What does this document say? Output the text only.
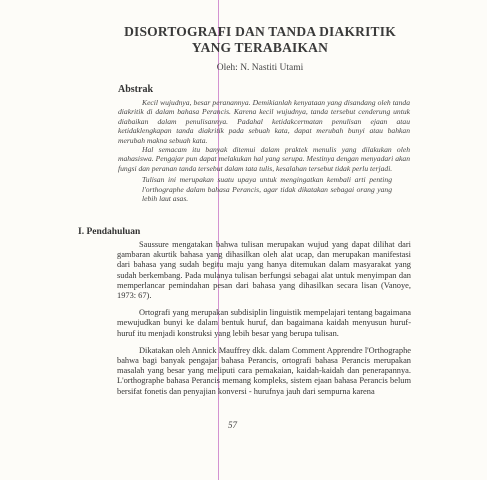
DISORTOGRAFI DAN TANDA DIAKRITIK
YANG TERABAIKAN
Oleh: N. Nastiti Utami
Abstrak

Kecil wujudnya, besar peranannya. Demikianlah kenyataan yang disandang oleh tanda diakritik di dalam bahasa Perancis. Karena kecil wujudnya, tanda tersebut cenderung untuk diabaikan dalam penulisannya. Padahal ketidakcermatan penulisan ejaan atau ketidaklengkapan tanda diakritik pada sebuah kata, dapat merubah bunyi atau bahkan merubah makna sebuah kata.

Hal semacam itu banyak ditemui dalam praktek menulis yang dilakukan oleh mahasiswa. Pengajar pun dapat melakukan hal yang serupa. Mestinya dengan menyadari akan fungsi dan peranan tanda tersebut dalam tata tulis, kesalahan tersebut tidak perlu terjadi.

Tulisan ini merupakan suatu upaya untuk mengingatkan kembali arti penting l'orthographe dalam bahasa Perancis, agar tidak dikatakan sebagai orang yang lebih laut asas.

I. Pendahuluan

Saussure mengatakan bahwa tulisan merupakan wujud yang dapat dilihat dari gambaran akurtik bahasa yang dihasilkan oleh alat ucap, dan merupakan manifestasi dari bahasa yang sudah begitu maju yang hanya ditemukan dalam masyarakat yang sudah berkembang. Pada mulanya tulisan berfungsi sebagai alat untuk menyimpan dan memperlancar pemindahan pesan dari bahasa yang dihasilkan secara lisan (Vanoye, 1973: 67).

Ortografi yang merupakan subdisiplin linguistik mempelajari tentang bagaimana mewujudkan bunyi ke dalam bentuk huruf, dan bagaimana kaidah menyusun huruf-huruf itu menjadi konstruksi yang lebih besar yang berupa tulisan.

Dikatakan oleh Annick Mauffrey dkk. dalam Comment Apprendre l'Orthographe bahwa bagi banyak pengajar bahasa Perancis, ortografi bahasa Perancis merupakan masalah yang besar yang meliputi cara pemakaian, kaidah-kaidah dan penerapannya. L'orthographe bahasa Perancis memang kompleks, sistem ejaan bahasa Perancis belum bersifat fonetis dan penyajian konversi - hurufnya jauh dari sempurna karena

57
